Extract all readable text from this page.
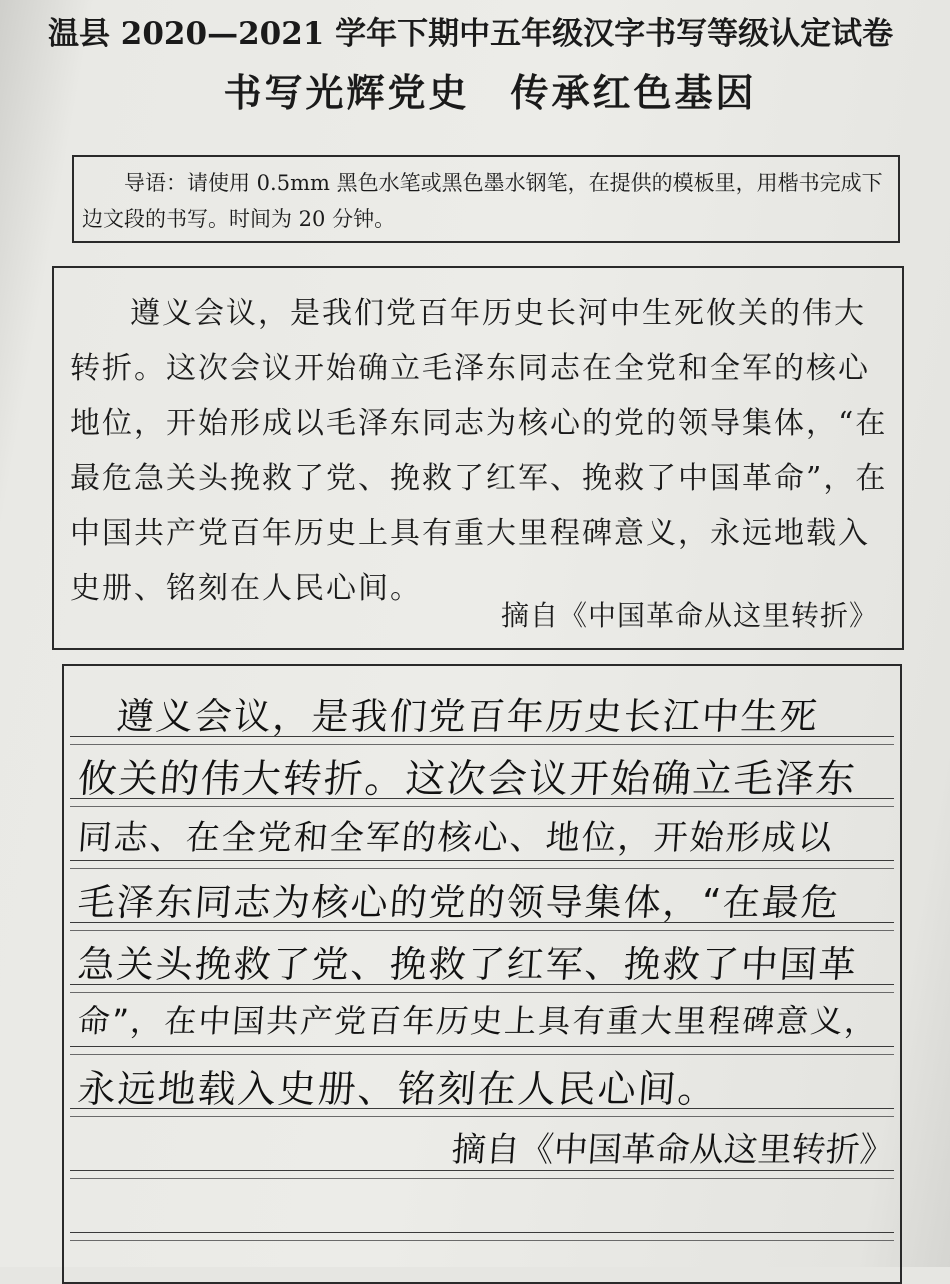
温县 2020—2021 学年下期中五年级汉字书写等级认定试卷
书写光辉党史　传承红色基因
导语：请使用 0.5mm 黑色水笔或黑色墨水钢笔，在提供的模板里，用楷书完成下边文段的书写。时间为 20 分钟。
遵义会议，是我们党百年历史长河中生死攸关的伟大转折。这次会议开始确立毛泽东同志在全党和全军的核心地位，开始形成以毛泽东同志为核心的党的领导集体，“在最危急关头挽救了党、挽救了红军、挽救了中国革命”，在中国共产党百年历史上具有重大里程碑意义，永远地载入史册、铭刻在人民心间。
摘自《中国革命从这里转折》
　遵义会议，是我们党百年历史长江中生死
攸关的伟大转折。这次会议开始确立毛泽东
同志、在全党和全军的核心、地位，开始形成以
毛泽东同志为核心的党的领导集体，“在最危
急关头挽救了党、挽救了红军、挽救了中国革
命”，在中国共产党百年历史上具有重大里程碑意义，
永远地载入史册、铭刻在人民心间。
摘自《中国革命从这里转折》
